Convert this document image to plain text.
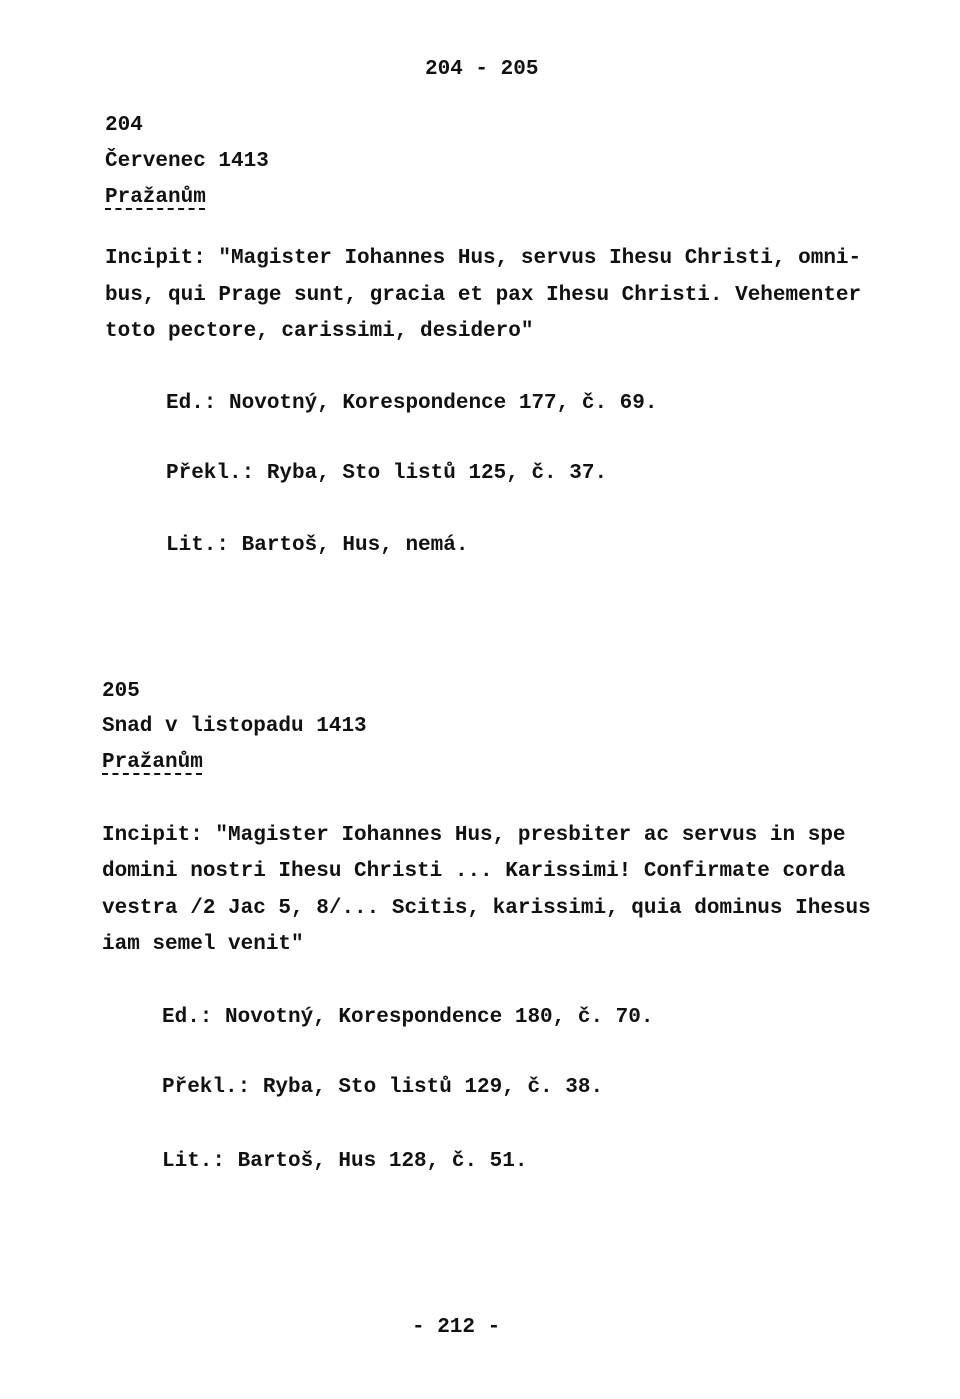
204 - 205
204
Červenec 1413
Pražanům
Incipit: "Magister Iohannes Hus, servus Ihesu Christi, omni-
bus, qui Prage sunt, gracia et pax Ihesu Christi. Vehementer
toto pectore, carissimi, desidero"
Ed.: Novotný, Korespondence 177, č. 69.
Překl.: Ryba, Sto listů 125, č. 37.
Lit.: Bartoš, Hus, nemá.
205
Snad v listopadu 1413
Pražanům
Incipit: "Magister Iohannes Hus, presbiter ac servus in spe
domini nostri Ihesu Christi ... Karissimi! Confirmate corda
vestra /2 Jac 5, 8/... Scitis, karissimi, quia dominus Ihesus
iam semel venit"
Ed.: Novotný, Korespondence 180, č. 70.
Překl.: Ryba, Sto listů 129, č. 38.
Lit.: Bartoš, Hus 128, č. 51.
- 212 -
